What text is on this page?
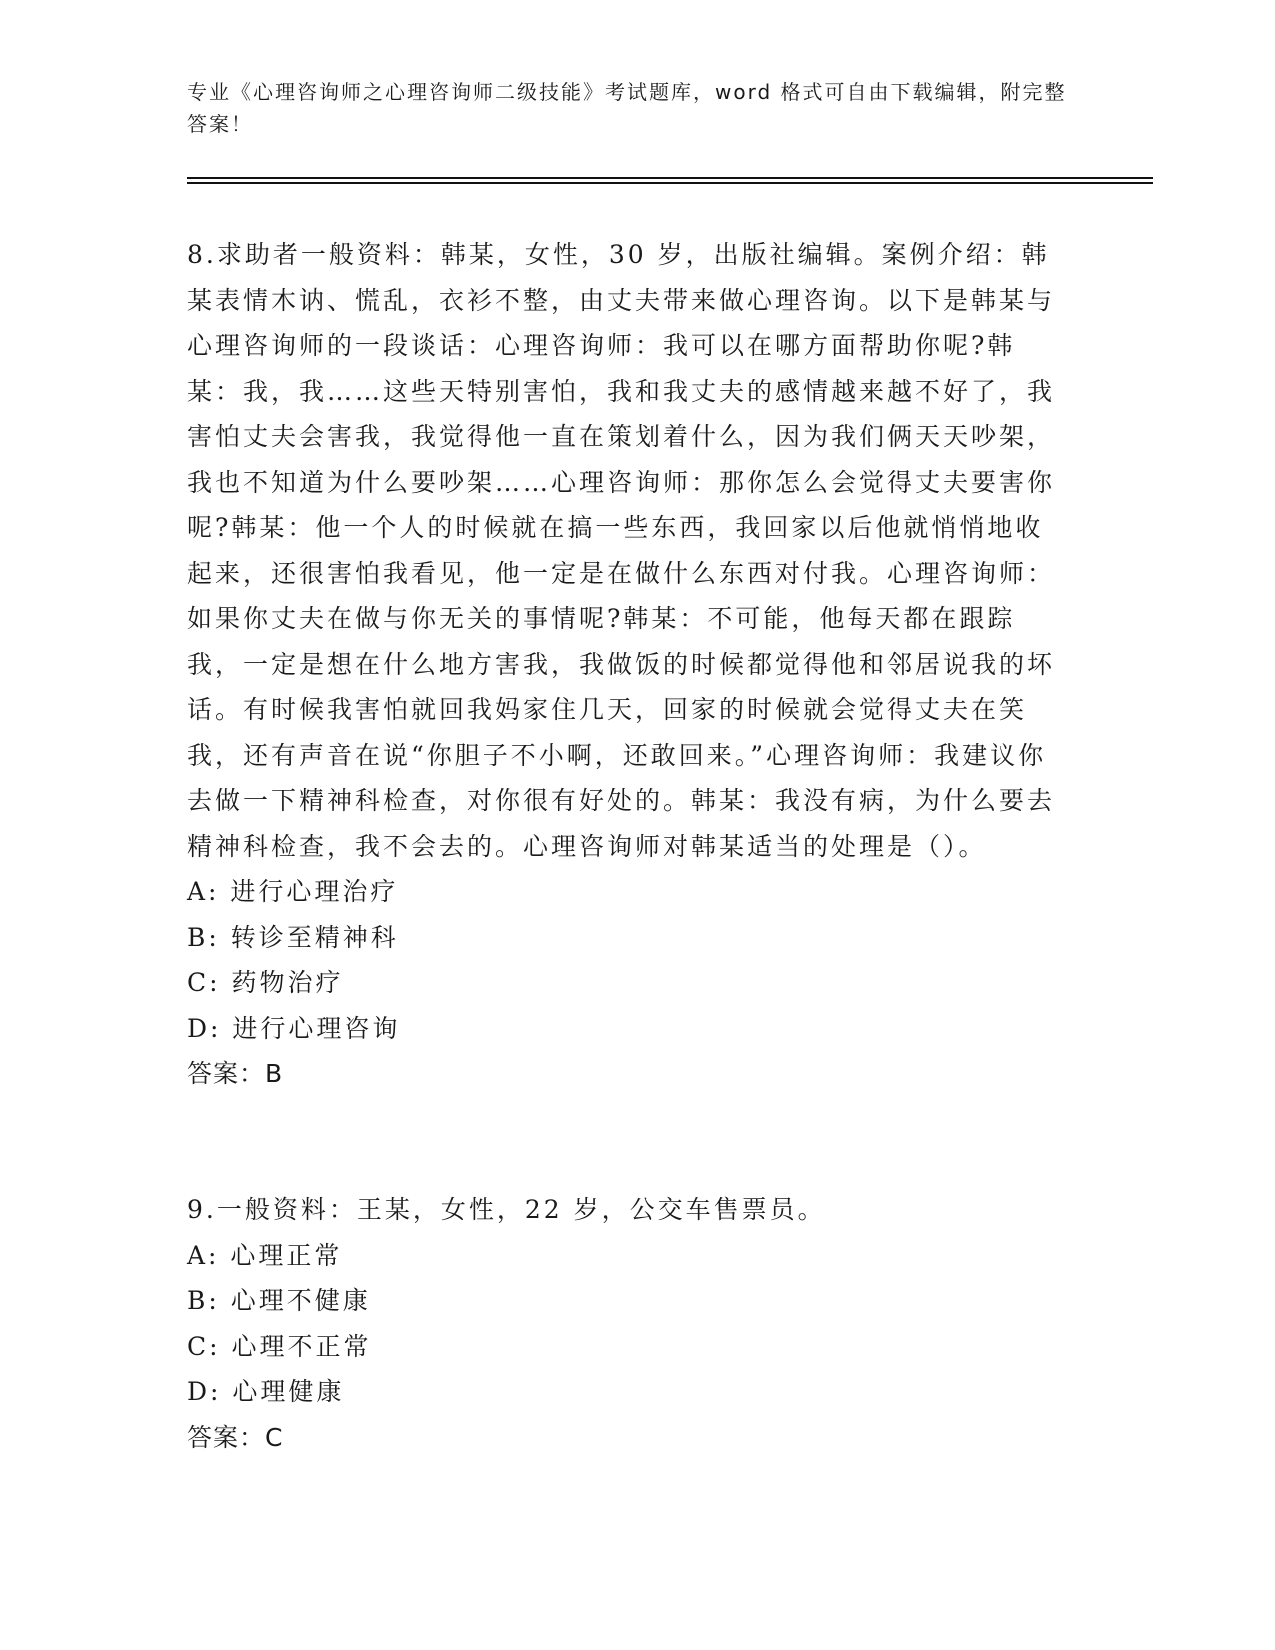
专业《心理咨询师之心理咨询师二级技能》考试题库，word 格式可自由下载编辑，附完整答案！

8.求助者一般资料：韩某，女性，30 岁，出版社编辑。案例介绍：韩某表情木讷、慌乱，衣衫不整，由丈夫带来做心理咨询。以下是韩某与心理咨询师的一段谈话：心理咨询师：我可以在哪方面帮助你呢?韩某：我，我……这些天特别害怕，我和我丈夫的感情越来越不好了，我害怕丈夫会害我，我觉得他一直在策划着什么，因为我们俩天天吵架，我也不知道为什么要吵架……心理咨询师：那你怎么会觉得丈夫要害你呢?韩某：他一个人的时候就在搞一些东西，我回家以后他就悄悄地收起来，还很害怕我看见，他一定是在做什么东西对付我。心理咨询师：如果你丈夫在做与你无关的事情呢?韩某：不可能，他每天都在跟踪我，一定是想在什么地方害我，我做饭的时候都觉得他和邻居说我的坏话。有时候我害怕就回我妈家住几天，回家的时候就会觉得丈夫在笑我，还有声音在说“你胆子不小啊，还敢回来。”心理咨询师：我建议你去做一下精神科检查，对你很有好处的。韩某：我没有病，为什么要去精神科检查，我不会去的。心理咨询师对韩某适当的处理是（）。

A: 进行心理治疗
B: 转诊至精神科
C: 药物治疗
D: 进行心理咨询
答案：B

9.一般资料：王某，女性，22 岁，公交车售票员。

A: 心理正常
B: 心理不健康
C: 心理不正常
D: 心理健康
答案：C
